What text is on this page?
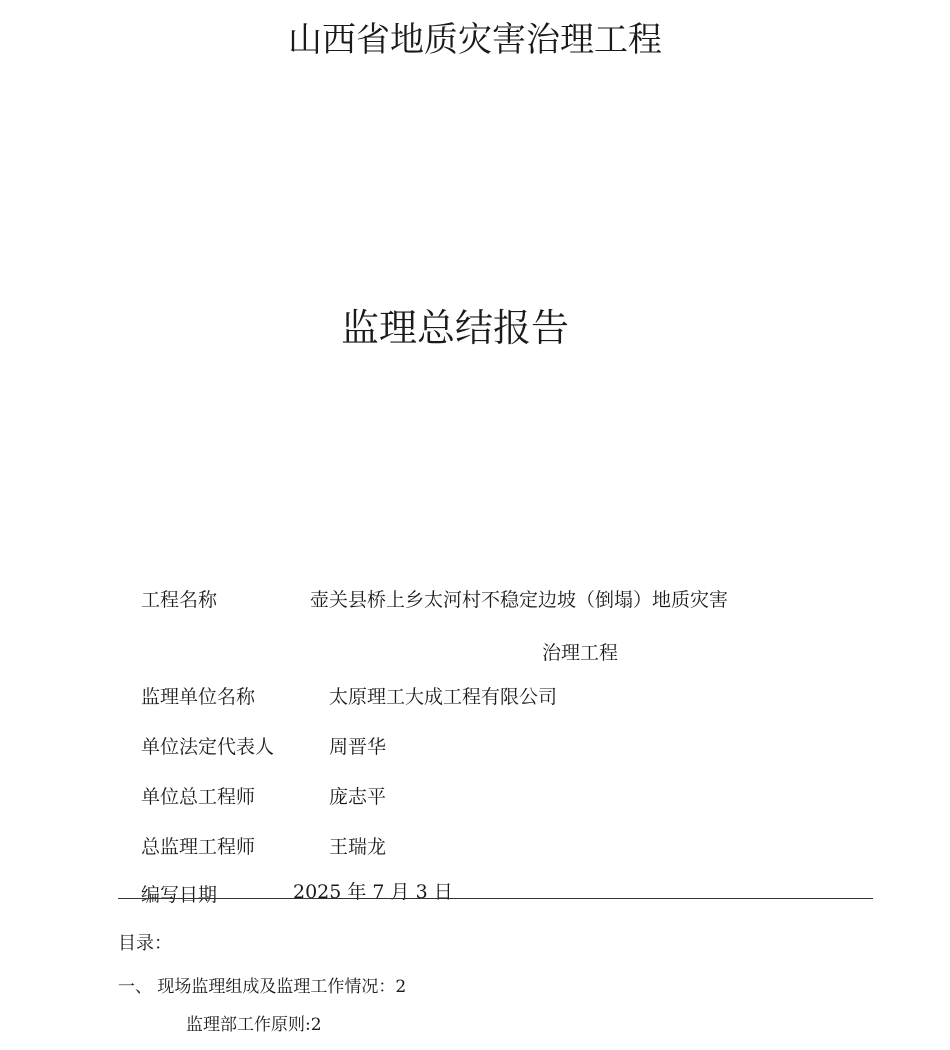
山西省地质灾害治理工程
监理总结报告
工程名称	壶关县桥上乡太河村不稳定边坡（倒塌）地质灾害
治理工程
监理单位名称	太原理工大成工程有限公司
单位法定代表人	周晋华
单位总工程师	庞志平
总监理工程师	王瑞龙
编写日期	2025 年 7 月 3 日
目录：
一、 现场监理组成及监理工作情况：2
监理部工作原则:2
